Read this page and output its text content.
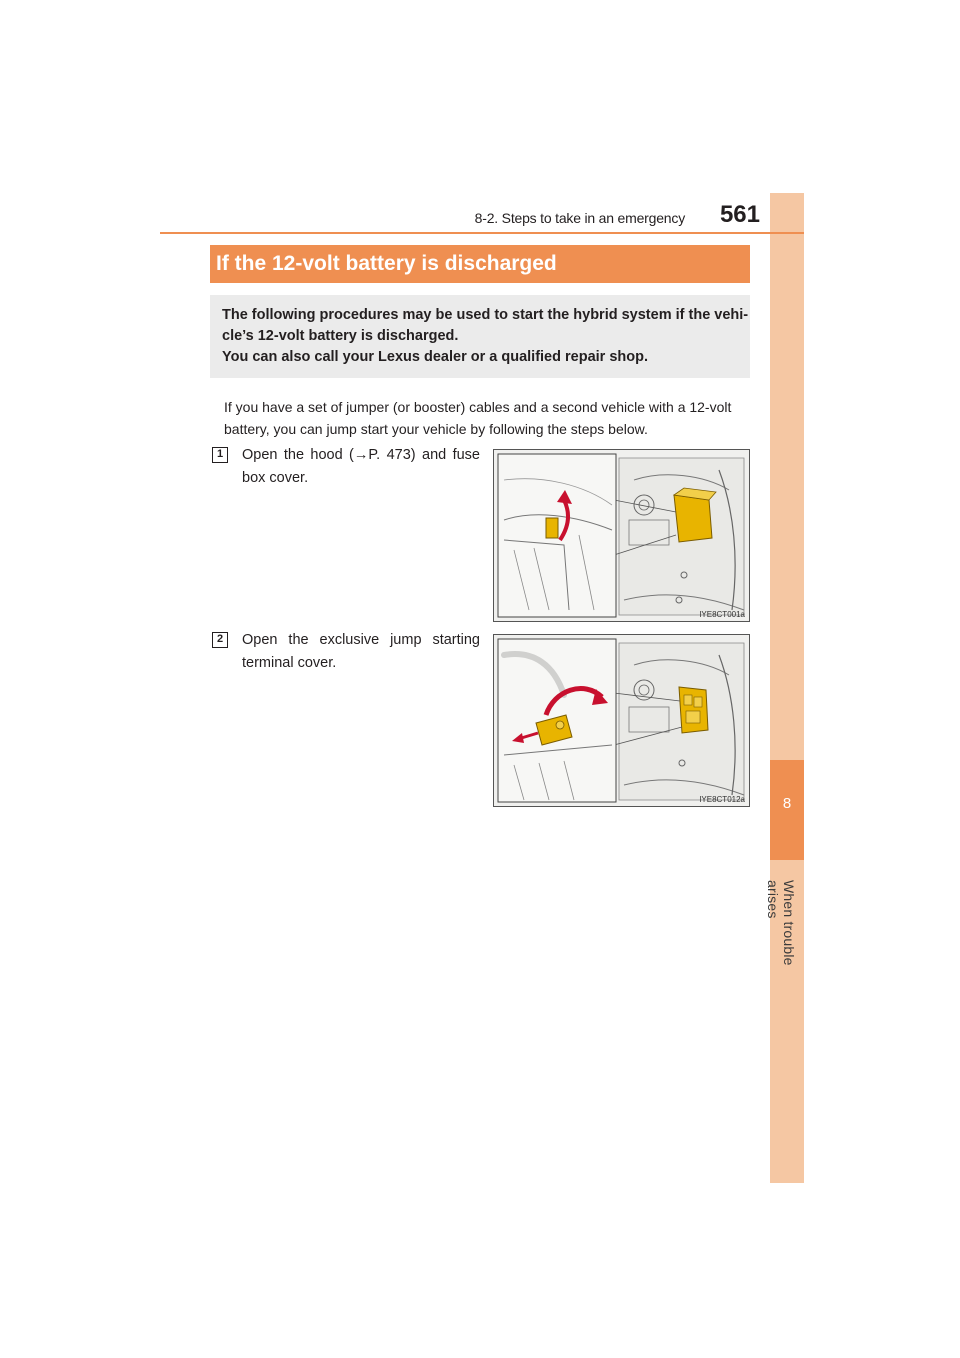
8
When trouble arises
8-2. Steps to take in an emergency	561
If the 12-volt battery is discharged
The following procedures may be used to start the hybrid system if the vehi-
cle’s 12-volt battery is discharged.
You can also call your Lexus dealer or a qualified repair shop.
If you have a set of jumper (or booster) cables and a second vehicle with a 12-volt battery, you can jump start your vehicle by following the steps below.
1	Open the hood (→P. 473) and fuse box cover.
IYE8CT001a
2	Open the exclusive jump starting terminal cover.
IYE8CT012a
